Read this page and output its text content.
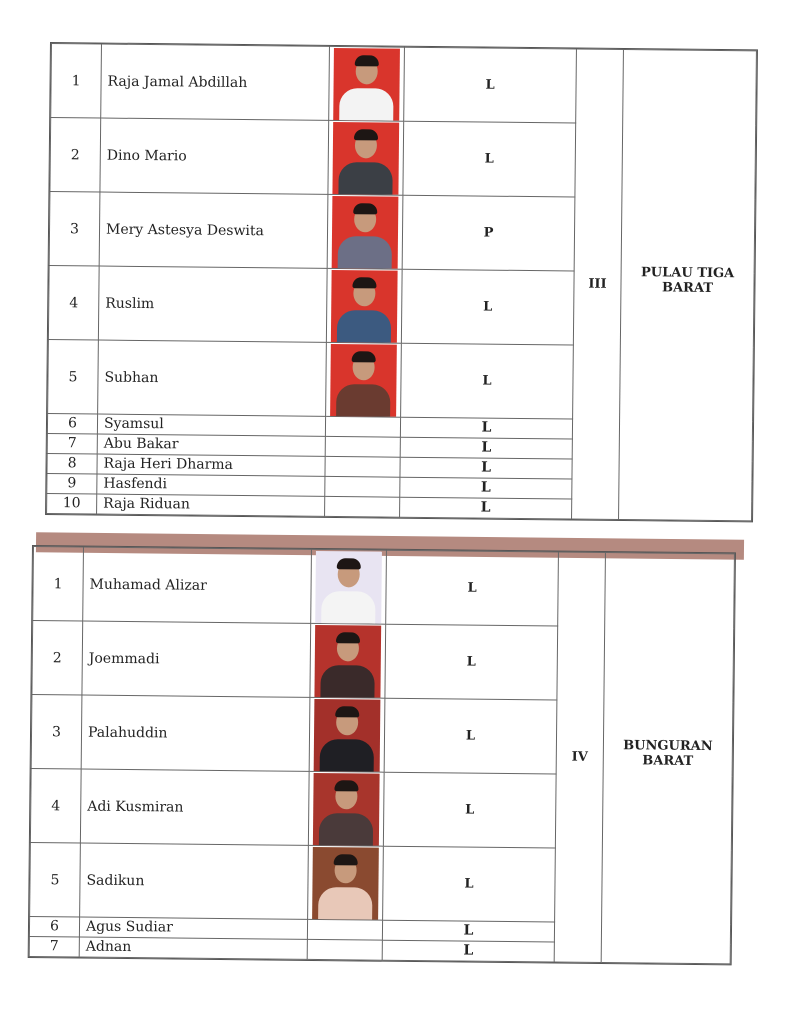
1	Raja Jamal Abdillah		L	III	PULAU TIGA
BARAT

2	Dino Mario		L		
3	Mery Astesya Deswita		P		
4	Ruslim		L		
5	Subhan		L		
6	Syamsul		L		
7	Abu Bakar		L		
8	Raja Heri Dharma		L		
9	Hasfendi		L		
10	Raja Riduan		L		
1	Muhamad Alizar		L	IV	BUNGURAN
BARAT

2	Joemmadi		L		
3	Palahuddin		L		
4	Adi Kusmiran		L		
5	Sadikun		L		
6	Agus Sudiar		L		
7	Adnan		L		
